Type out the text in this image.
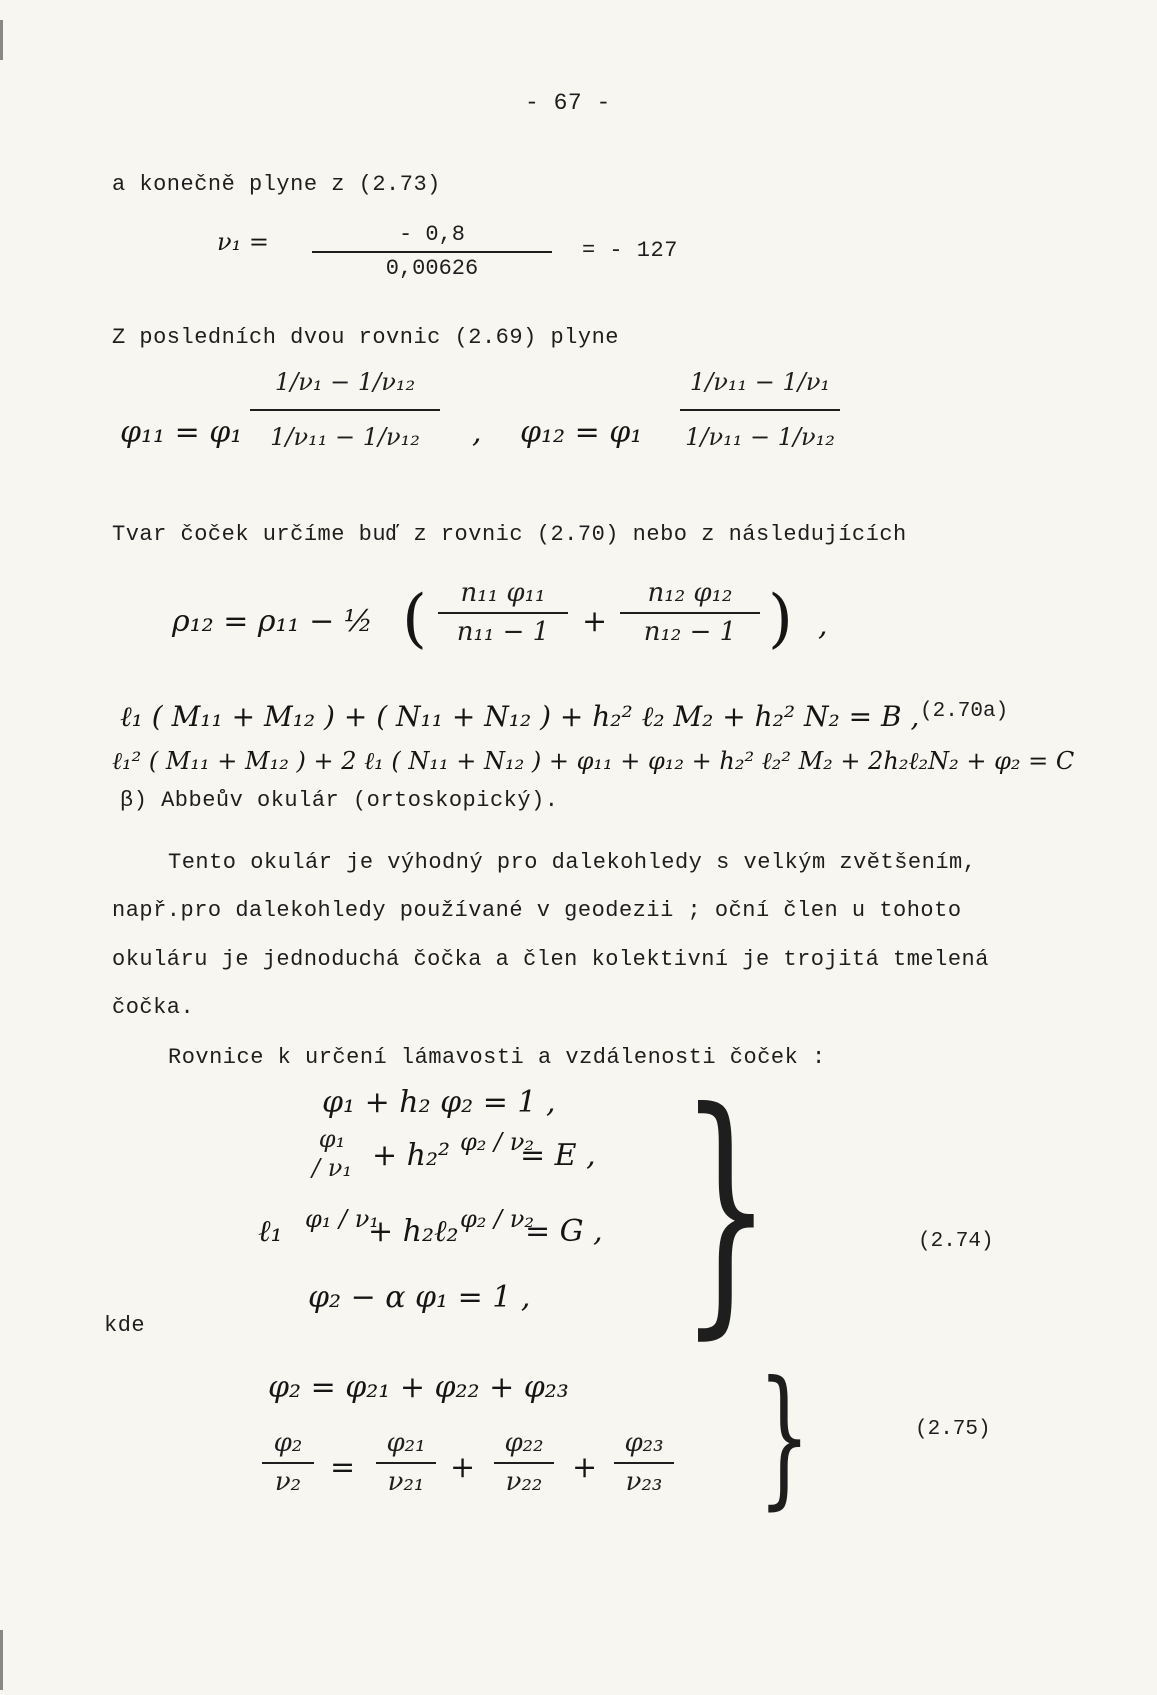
- 67 -
a konečně plyne z (2.73)
ν₁ =	- 0,8
0,00626
= - 127
Z posledních dvou rovnic (2.69) plyne
φ₁₁ = φ₁
1/ν₁ − 1/ν₁₂
1/ν₁₁ − 1/ν₁₂	, φ₁₂ = φ₁
1/ν₁₁ − 1/ν₁
1/ν₁₁ − 1/ν₁₂
Tvar čoček určíme buď z rovnic (2.70) nebo z následujících
ρ₁₂ = ρ₁₁ − ½ (	n₁₁ φ₁₁
n₁₁ − 1	+
n₁₂ φ₁₂
n₁₂ − 1 ) ,
ℓ₁ ( M₁₁ + M₁₂ ) + ( N₁₁ + N₁₂ ) + h₂² ℓ₂ M₂ + h₂² N₂ = B , (2.70a)
ℓ₁² ( M₁₁ + M₁₂ ) + 2 ℓ₁ ( N₁₁ + N₁₂ ) + φ₁₁ + φ₁₂ + h₂² ℓ₂² M₂ + 2h₂ℓ₂N₂ + φ₂ = C
β) Abbeův okulár (ortoskopický).
Tento okulár je výhodný pro dalekohledy s velkým zvětšením,
např.pro dalekohledy používané v geodezii ; oční člen u tohoto
okuláru je jednoduchá čočka a člen kolektivní je trojitá tmelená
čočka.
Rovnice k určení lámavosti a vzdálenosti čoček :
φ₁ + h₂ φ₂ = 1 ,
φ₁ / ν₁ + h₂² φ₂ / ν₂
= E ,
ℓ₁ φ₁ / ν₁
+ h₂ℓ₂ φ₂ / ν₂
= G ,
φ₂ − α φ₁ = 1 , }	(2.74)
kde
φ₂ = φ₂₁ + φ₂₂ + φ₂₃
φ₂
ν₂ =
φ₂₁
ν₂₁ +
φ₂₂
ν₂₂ +
φ₂₃
ν₂₃ }	(2.75)
